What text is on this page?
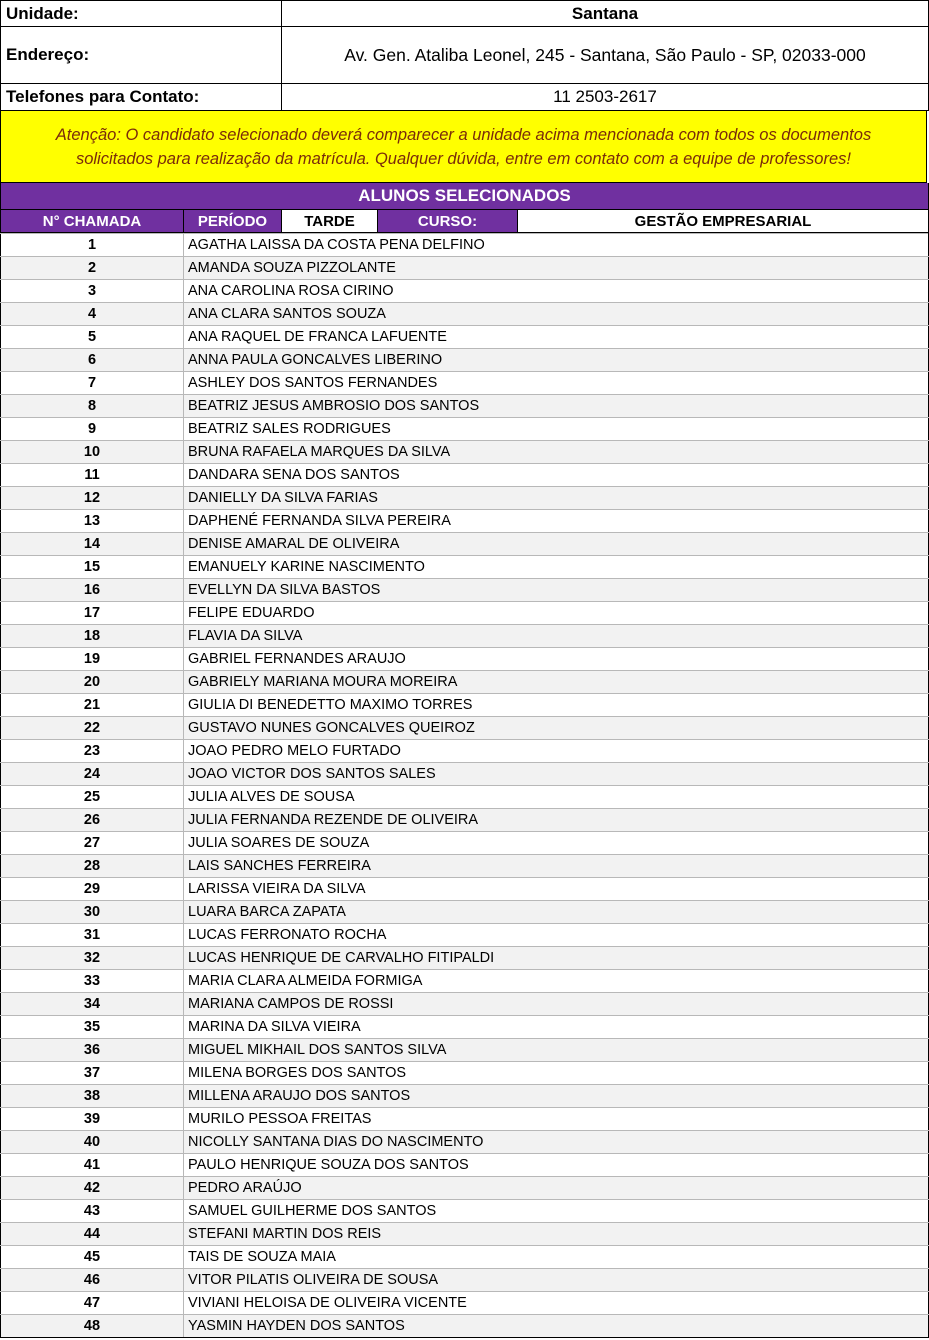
Unidade:	Santana
Endereço:	Av. Gen. Ataliba Leonel, 245 - Santana, São Paulo - SP, 02033-000
Telefones para Contato:	11 2503-2617
Atenção: O candidato selecionado deverá comparecer a unidade acima mencionada com todos os documentos
solicitados para realização da matrícula. Qualquer dúvida, entre em contato com a equipe de professores!
ALUNOS SELECIONADOS
N° CHAMADA	PERÍODO	TARDE	CURSO:	GESTÃO EMPRESARIAL
1	AGATHA LAISSA DA COSTA PENA DELFINO
2	AMANDA SOUZA PIZZOLANTE
3	ANA CAROLINA ROSA CIRINO
4	ANA CLARA SANTOS SOUZA
5	ANA RAQUEL DE FRANCA LAFUENTE
6	ANNA PAULA GONCALVES LIBERINO
7	ASHLEY DOS SANTOS FERNANDES
8	BEATRIZ JESUS AMBROSIO DOS SANTOS
9	BEATRIZ SALES RODRIGUES
10	BRUNA RAFAELA MARQUES DA SILVA
11	DANDARA SENA DOS SANTOS
12	DANIELLY DA SILVA FARIAS
13	DAPHENÉ FERNANDA SILVA PEREIRA
14	DENISE AMARAL DE OLIVEIRA
15	EMANUELY KARINE NASCIMENTO
16	EVELLYN DA SILVA BASTOS
17	FELIPE EDUARDO
18	FLAVIA DA SILVA
19	GABRIEL FERNANDES ARAUJO
20	GABRIELY MARIANA MOURA MOREIRA
21	GIULIA DI BENEDETTO MAXIMO TORRES
22	GUSTAVO NUNES GONCALVES QUEIROZ
23	JOAO PEDRO MELO FURTADO
24	JOAO VICTOR DOS SANTOS SALES
25	JULIA ALVES DE SOUSA
26	JULIA FERNANDA REZENDE DE OLIVEIRA
27	JULIA SOARES DE SOUZA
28	LAIS SANCHES FERREIRA
29	LARISSA VIEIRA DA SILVA
30	LUARA BARCA ZAPATA
31	LUCAS FERRONATO ROCHA
32	LUCAS HENRIQUE DE CARVALHO FITIPALDI
33	MARIA CLARA ALMEIDA FORMIGA
34	MARIANA CAMPOS DE ROSSI
35	MARINA DA SILVA VIEIRA
36	MIGUEL MIKHAIL DOS SANTOS SILVA
37	MILENA BORGES DOS SANTOS
38	MILLENA ARAUJO DOS SANTOS
39	MURILO PESSOA FREITAS
40	NICOLLY SANTANA DIAS DO NASCIMENTO
41	PAULO HENRIQUE SOUZA DOS SANTOS
42	PEDRO ARAÚJO
43	SAMUEL GUILHERME DOS SANTOS
44	STEFANI MARTIN DOS REIS
45	TAIS DE SOUZA MAIA
46	VITOR PILATIS OLIVEIRA DE SOUSA
47	VIVIANI HELOISA DE OLIVEIRA VICENTE
48	YASMIN HAYDEN DOS SANTOS
